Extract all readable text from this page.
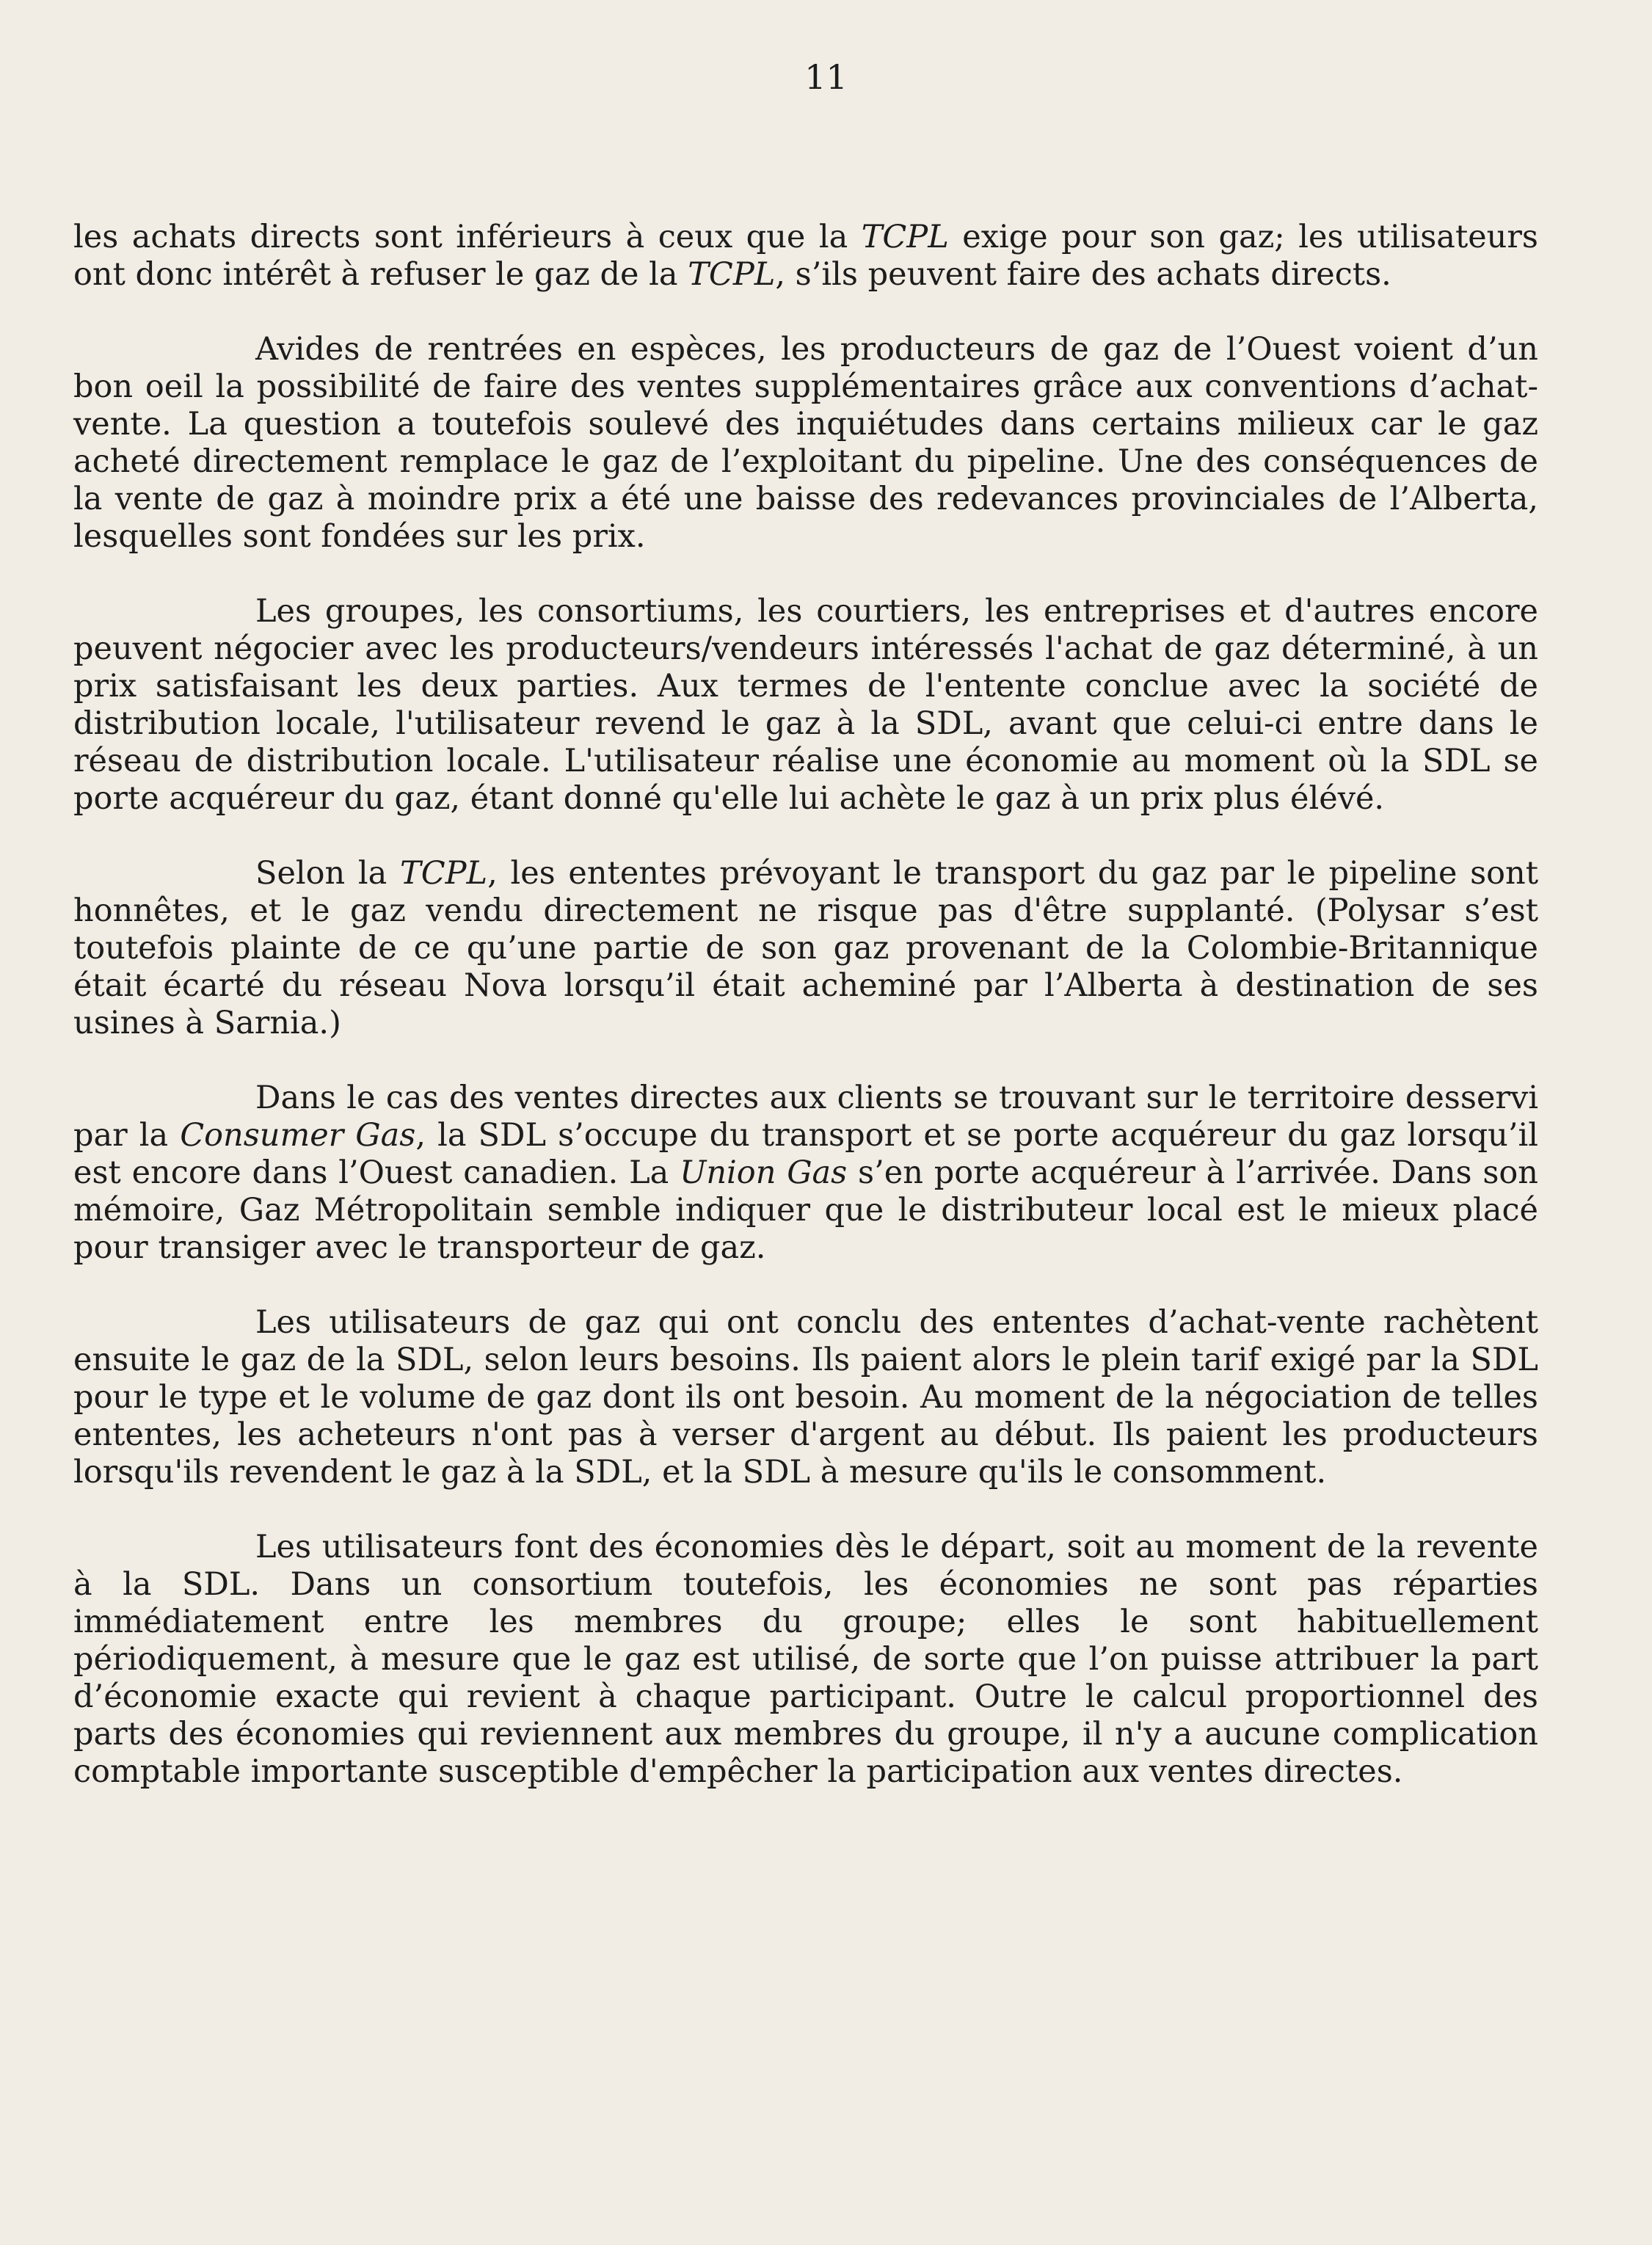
11

les achats directs sont inférieurs à ceux que la TCPL exige pour son gaz; les utilisateurs ont donc intérêt à refuser le gaz de la TCPL, s’ils peuvent faire des achats directs.

Avides de rentrées en espèces, les producteurs de gaz de l’Ouest voient d’un bon oeil la possibilité de faire des ventes supplémentaires grâce aux conventions d’achat-vente. La question a toutefois soulevé des inquiétudes dans certains milieux car le gaz acheté directement remplace le gaz de l’exploitant du pipeline. Une des conséquences de la vente de gaz à moindre prix a été une baisse des redevances provinciales de l’Alberta, lesquelles sont fondées sur les prix.

Les groupes, les consortiums, les courtiers, les entreprises et d'autres encore peuvent négocier avec les producteurs/vendeurs intéressés l'achat de gaz déterminé, à un prix satisfaisant les deux parties. Aux termes de l'entente conclue avec la société de distribution locale, l'utilisateur revend le gaz à la SDL, avant que celui-ci entre dans le réseau de distribution locale. L'utilisateur réalise une économie au moment où la SDL se porte acquéreur du gaz, étant donné qu'elle lui achète le gaz à un prix plus élévé.

Selon la TCPL, les ententes prévoyant le transport du gaz par le pipeline sont honnêtes, et le gaz vendu directement ne risque pas d'être supplanté. (Polysar s’est toutefois plainte de ce qu’une partie de son gaz provenant de la Colombie-Britannique était écarté du réseau Nova lorsqu’il était acheminé par l’Alberta à destination de ses usines à Sarnia.)

Dans le cas des ventes directes aux clients se trouvant sur le territoire desservi par la Consumer Gas, la SDL s’occupe du transport et se porte acquéreur du gaz lorsqu’il est encore dans l’Ouest canadien. La Union Gas s’en porte acquéreur à l’arrivée. Dans son mémoire, Gaz Métropolitain semble indiquer que le distributeur local est le mieux placé pour transiger avec le transporteur de gaz.

Les utilisateurs de gaz qui ont conclu des ententes d’achat-vente rachètent ensuite le gaz de la SDL, selon leurs besoins. Ils paient alors le plein tarif exigé par la SDL pour le type et le volume de gaz dont ils ont besoin. Au moment de la négociation de telles ententes, les acheteurs n'ont pas à verser d'argent au début. Ils paient les producteurs lorsqu'ils revendent le gaz à la SDL, et la SDL à mesure qu'ils le consomment.

Les utilisateurs font des économies dès le départ, soit au moment de la revente à la SDL. Dans un consortium toutefois, les économies ne sont pas réparties immédiatement entre les membres du groupe; elles le sont habituellement périodiquement, à mesure que le gaz est utilisé, de sorte que l’on puisse attribuer la part d’économie exacte qui revient à chaque participant. Outre le calcul proportionnel des parts des économies qui reviennent aux membres du groupe, il n'y a aucune complication comptable importante susceptible d'empêcher la participation aux ventes directes.
